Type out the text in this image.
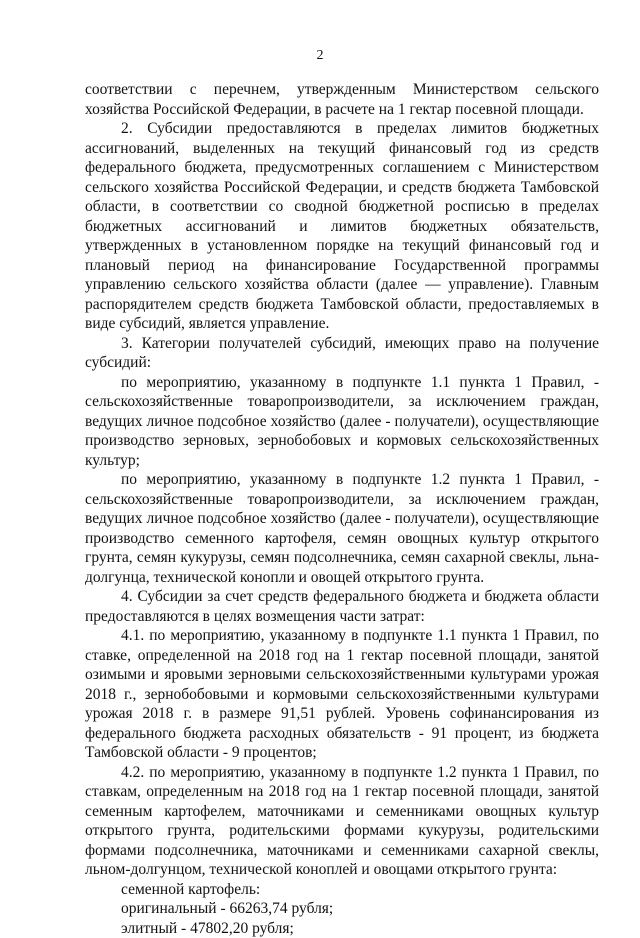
2

соответствии с перечнем, утвержденным Министерством сельского хозяйства Российской Федерации, в расчете на 1 гектар посевной площади.

2. Субсидии предоставляются в пределах лимитов бюджетных ассигнований, выделенных на текущий финансовый год из средств федерального бюджета, предусмотренных соглашением с Министерством сельского хозяйства Российской Федерации, и средств бюджета Тамбовской области, в соответствии со сводной бюджетной росписью в пределах бюджетных ассигнований и лимитов бюджетных обязательств, утвержденных в установленном порядке на текущий финансовый год и плановый период на финансирование Государственной программы управлению сельского хозяйства области (далее — управление). Главным распорядителем средств бюджета Тамбовской области, предоставляемых в виде субсидий, является управление.

3. Категории получателей субсидий, имеющих право на получение субсидий:

по мероприятию, указанному в подпункте 1.1 пункта 1 Правил, - сельскохозяйственные товаропроизводители, за исключением граждан, ведущих личное подсобное хозяйство (далее - получатели), осуществляющие производство зерновых, зернобобовых и кормовых сельскохозяйственных культур;

по мероприятию, указанному в подпункте 1.2 пункта 1 Правил, - сельскохозяйственные товаропроизводители, за исключением граждан, ведущих личное подсобное хозяйство (далее - получатели), осуществляющие производство семенного картофеля, семян овощных культур открытого грунта, семян кукурузы, семян подсолнечника, семян сахарной свеклы, льна-долгунца, технической конопли и овощей открытого грунта.

4. Субсидии за счет средств федерального бюджета и бюджета области предоставляются в целях возмещения части затрат:

4.1. по мероприятию, указанному в подпункте 1.1 пункта 1 Правил, по ставке, определенной на 2018 год на 1 гектар посевной площади, занятой озимыми и яровыми зерновыми сельскохозяйственными культурами урожая 2018 г., зернобобовыми и кормовыми сельскохозяйственными культурами урожая 2018 г. в размере 91,51 рублей. Уровень софинансирования из федерального бюджета расходных обязательств - 91 процент, из бюджета Тамбовской области - 9 процентов;

4.2. по мероприятию, указанному в подпункте 1.2 пункта 1 Правил, по ставкам, определенным на 2018 год на 1 гектар посевной площади, занятой семенным картофелем, маточниками и семенниками овощных культур открытого грунта, родительскими формами кукурузы, родительскими формами подсолнечника, маточниками и семенниками сахарной свеклы, льном-долгунцом, технической коноплей и овощами открытого грунта:

семенной картофель:

оригинальный - 66263,74 рубля;

элитный - 47802,20 рубля;
